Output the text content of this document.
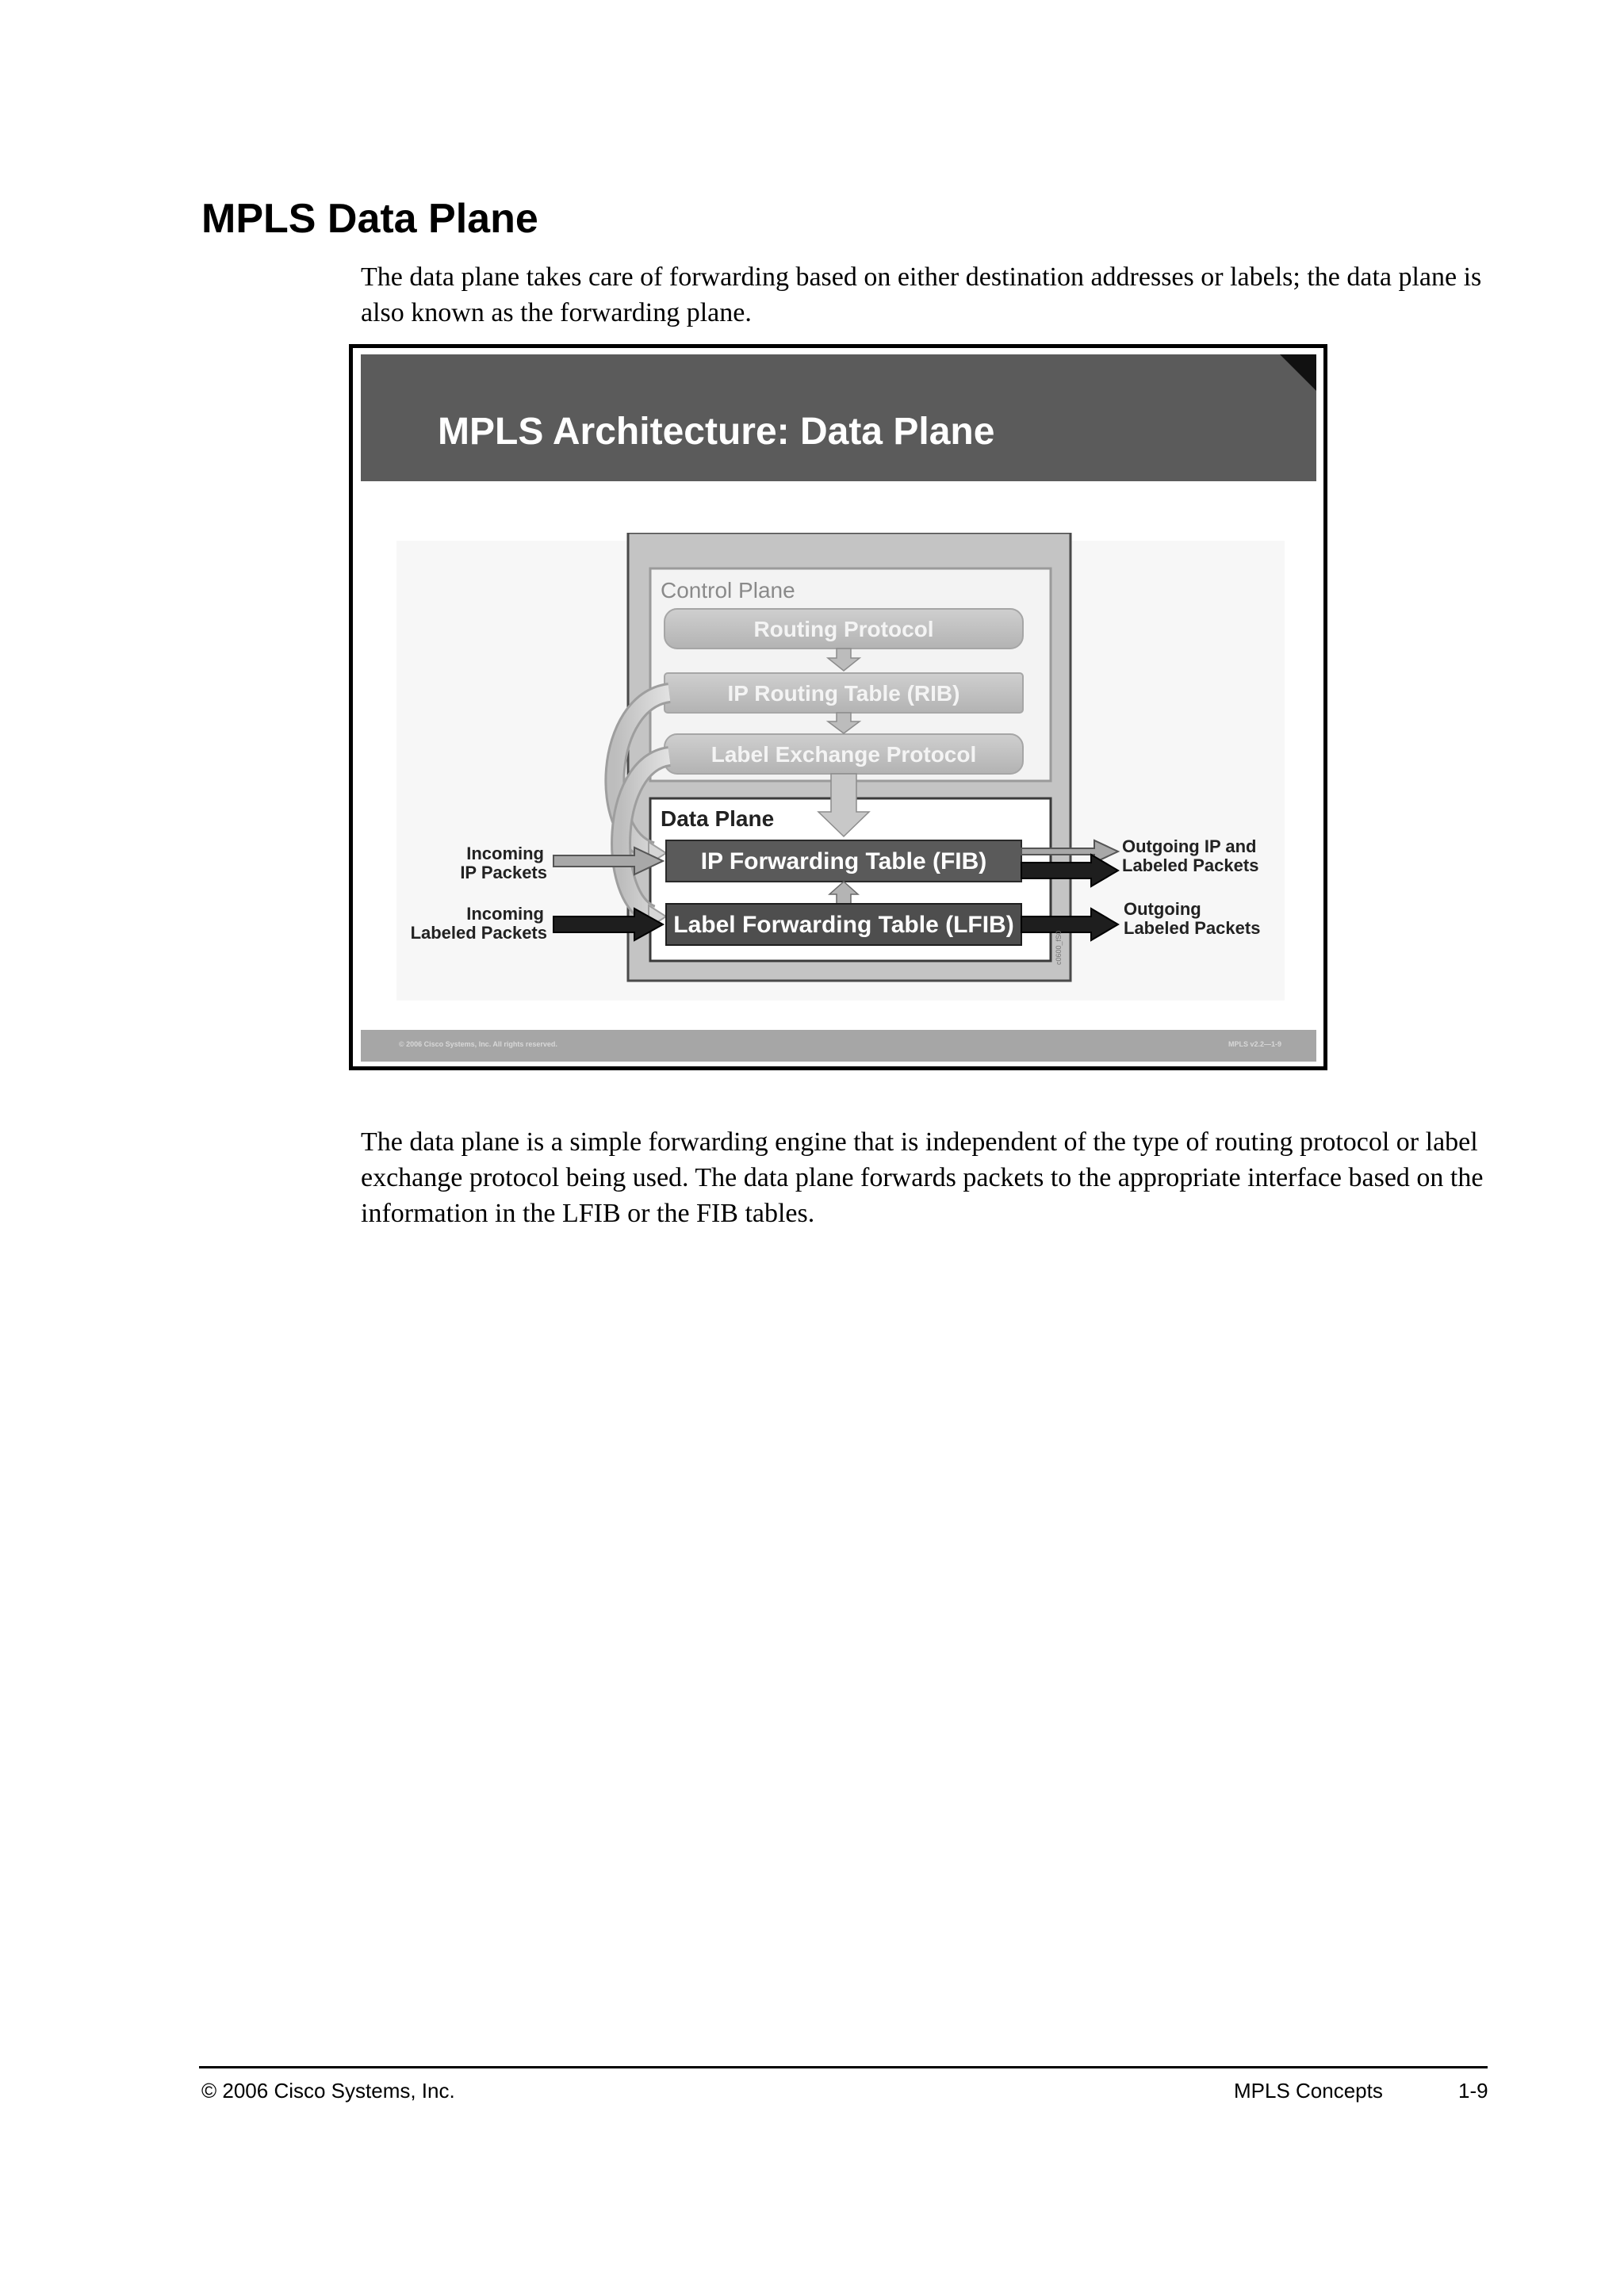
MPLS Data Plane

The data plane takes care of forwarding based on either destination addresses or labels; the data plane is also known as the forwarding plane.

MPLS Architecture: Data Plane
Control Plane
Routing Protocol
IP Routing Table (RIB)
Label Exchange Protocol
Data Plane
IP Forwarding Table (FIB)
Label Forwarding Table (LFIB)
Incoming
IP Packets
Incoming
Labeled Packets
Outgoing IP and
Labeled Packets
Outgoing
Labeled Packets
c0600_fS0
© 2006 Cisco Systems, Inc. All rights reserved.	MPLS v2.2—1-9

The data plane is a simple forwarding engine that is independent of the type of routing protocol or label exchange protocol being used. The data plane forwards packets to the appropriate interface based on the information in the LFIB or the FIB tables.

© 2006 Cisco Systems, Inc.	MPLS Concepts	1-9
